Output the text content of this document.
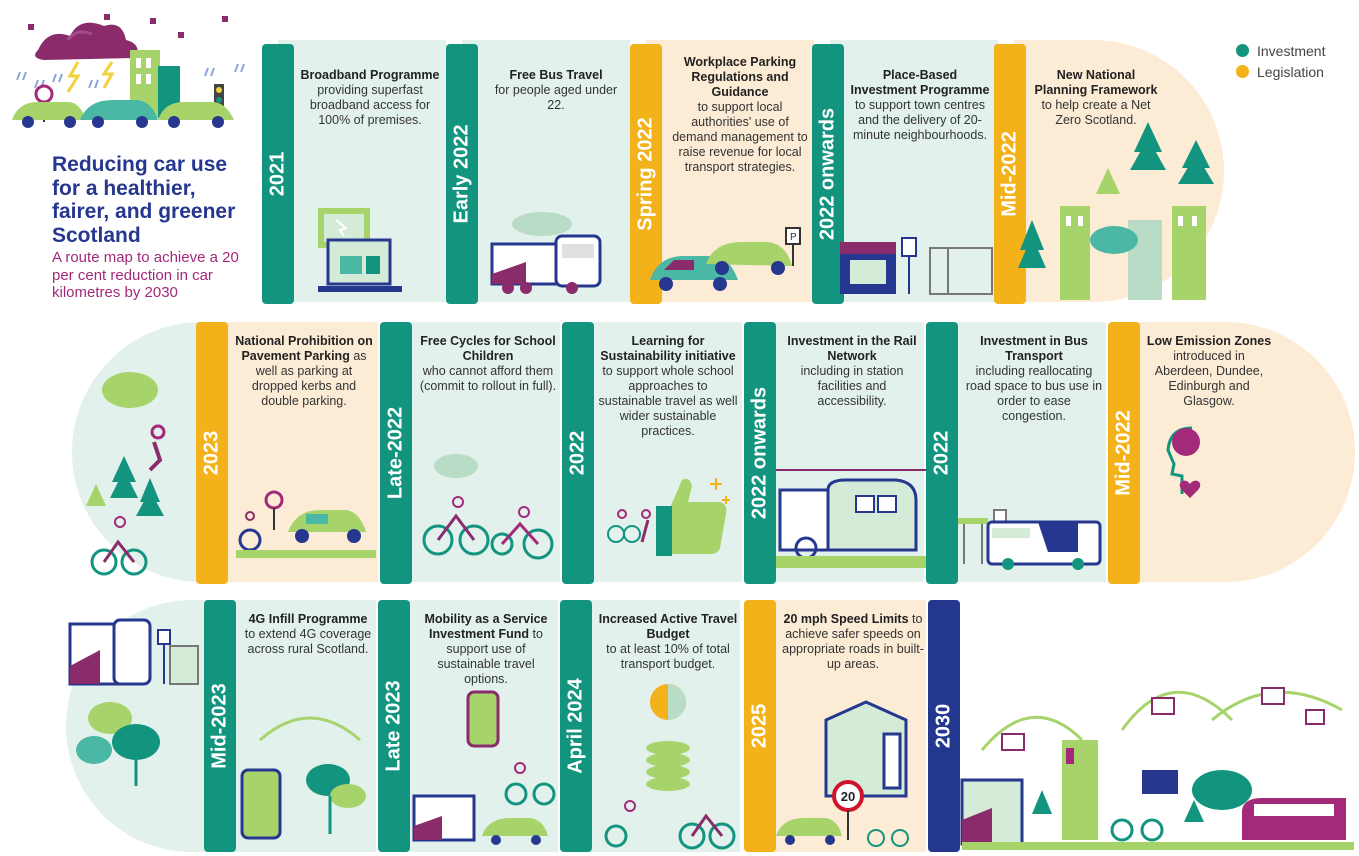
Reducing car use for a healthier, fairer, and greener Scotland
A route map to achieve a 20 per cent reduction in car kilometres by 2030
Investment
Legislation
2021
Broadband Programme
providing superfast broadband access for 100% of premises.
Early 2022
Free Bus Travel
for people aged under 22.
Spring 2022
Workplace Parking Regulations and Guidance
to support local authorities' use of demand management to raise revenue for local transport strategies.	2022 onwards
Place-Based Investment Programme
to support town centres and the delivery of 20-minute neighbourhoods. Mid-2022
New National Planning Framework
to help create a Net Zero Scotland.
Mid-2022
Low Emission Zones introduced in Aberdeen, Dundee, Edinburgh and Glasgow.
2022
Investment in Bus Transport
including reallocating road space to bus use in order to ease congestion.
2022 onwards
Investment in the Rail Network
including in station facilities and accessibility.
2022
Learning for Sustainability initiative to support whole school approaches to sustainable travel as well wider sustainable practices.
Late-2022
Free Cycles for School Children
who cannot afford them (commit to rollout in full).
2023
National Prohibition on Pavement Parking as well as parking at dropped kerbs and double parking.
Mid-2023
4G Infill Programme
to extend 4G coverage across rural Scotland.
Late 2023
Mobility as a Service Investment Fund to support use of sustainable travel options.	April 2024
Increased Active Travel Budget
to at least 10% of total transport budget.
2025
20 mph Speed Limits to achieve safer speeds on appropriate roads in built-up areas.
2030
P
20
